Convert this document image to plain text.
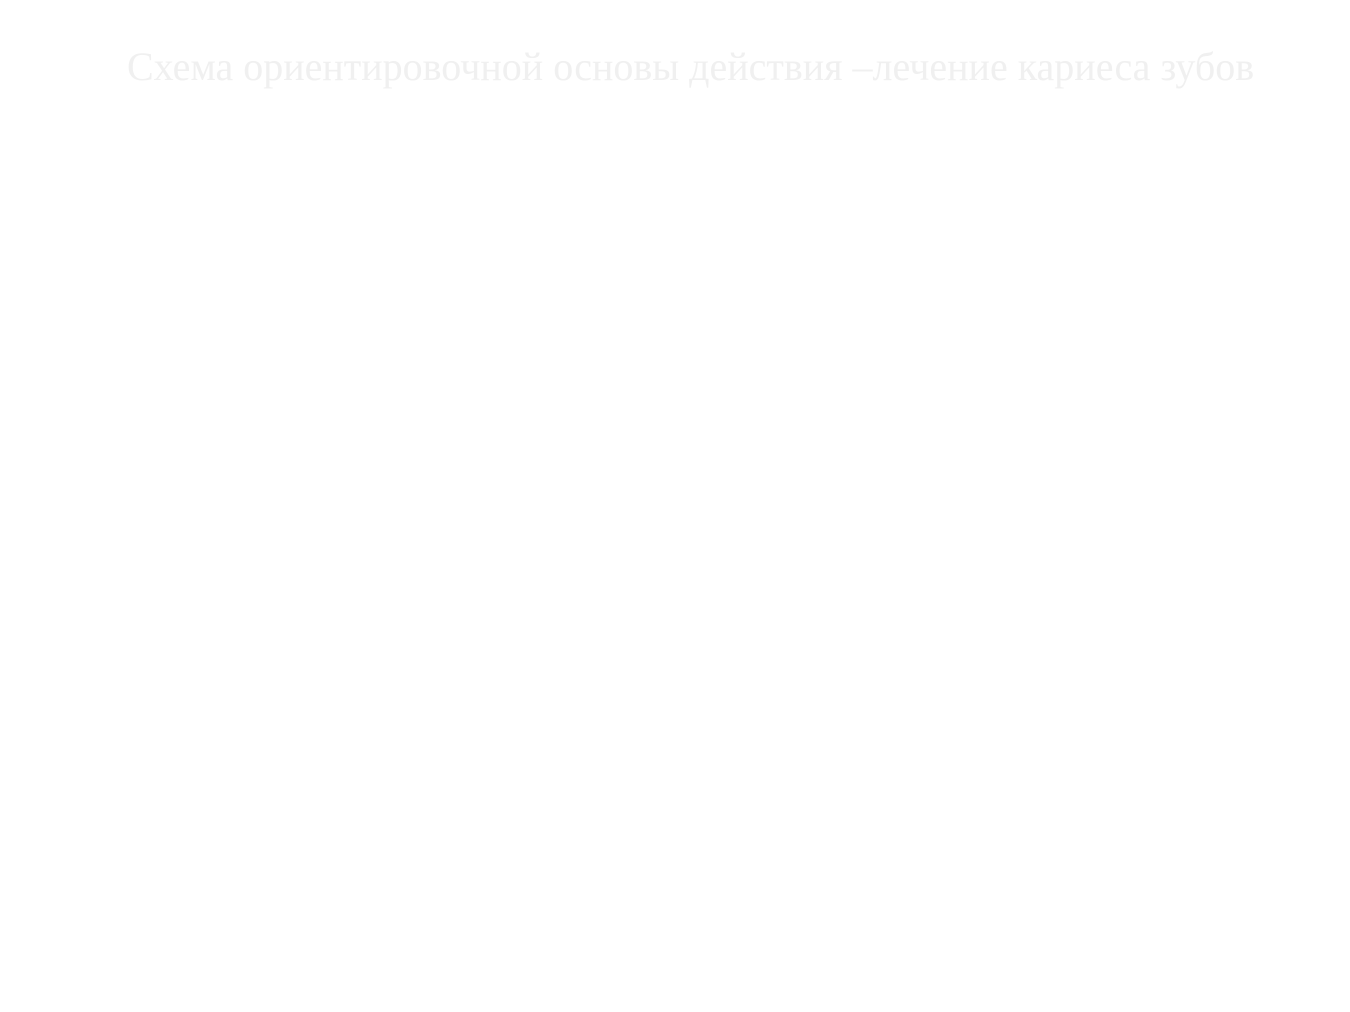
Схема ориентировочной основы действия –лечение кариеса зубов
